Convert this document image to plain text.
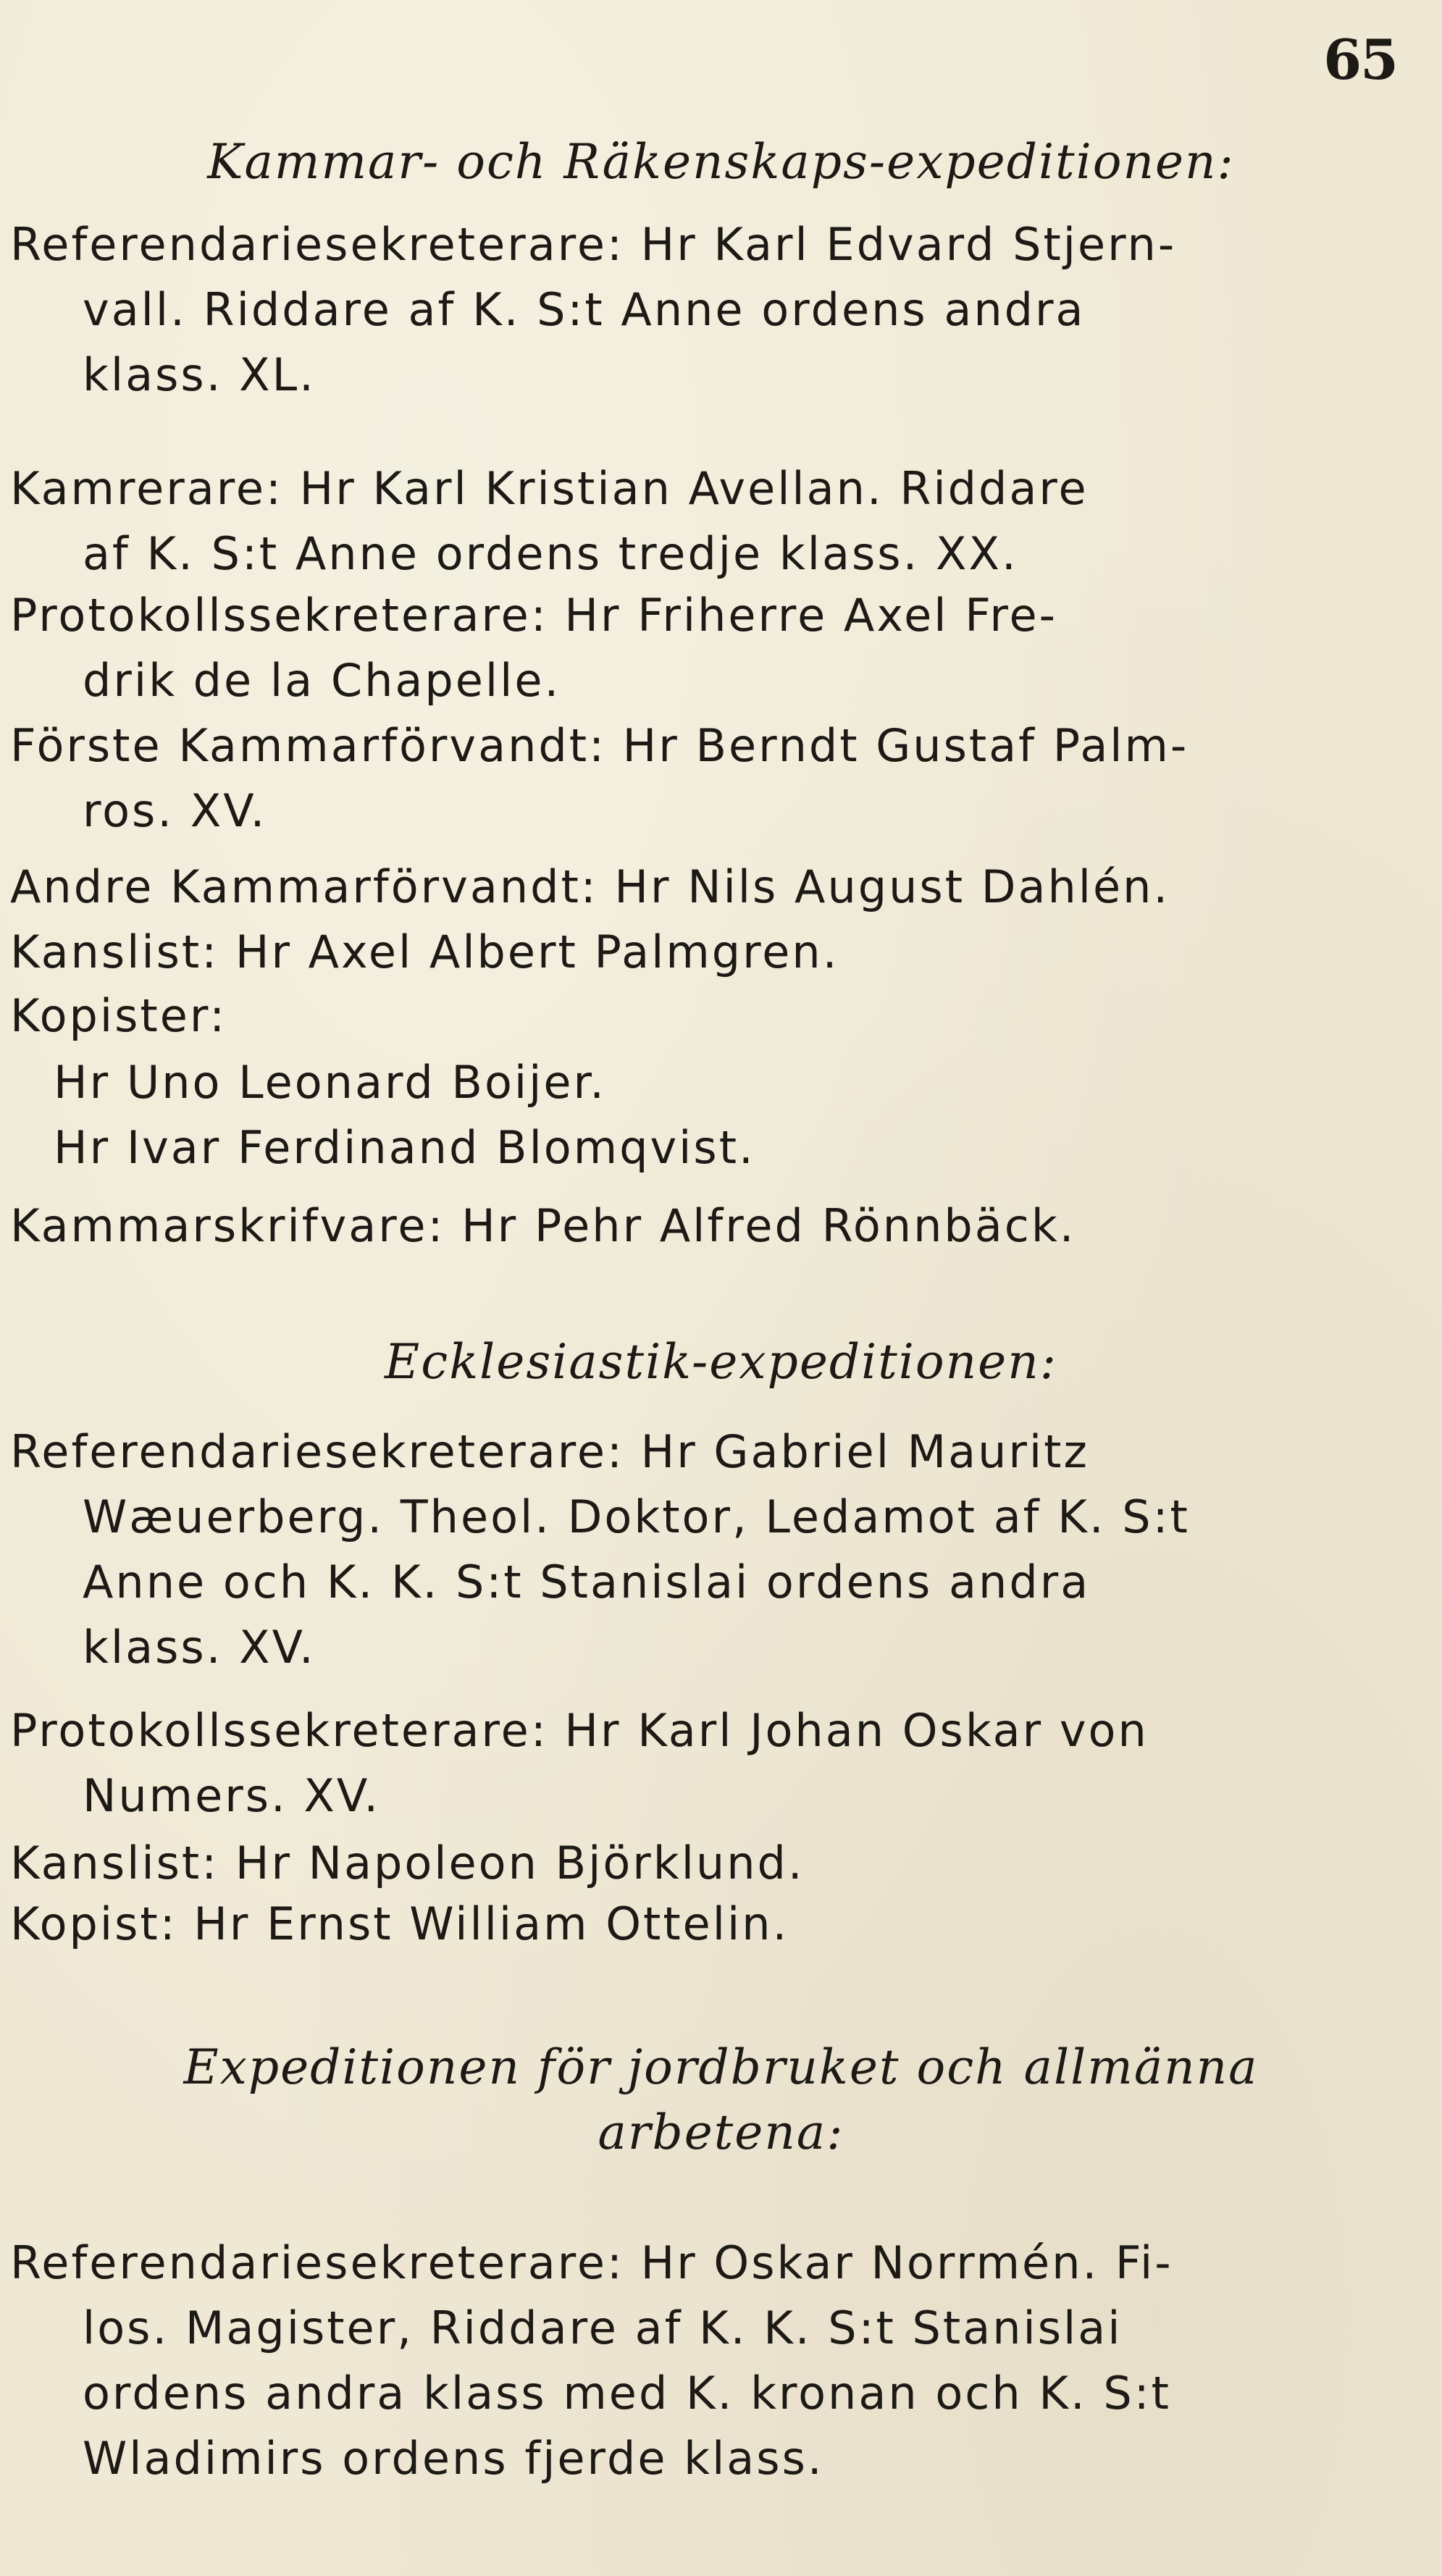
65
Kammar- och Räkenskaps-expeditionen:
Referendariesekreterare: Hr Karl Edvard Stjern-
vall. Riddare af K. S:t Anne ordens andra
klass. XL.
Kamrerare: Hr Karl Kristian Avellan. Riddare
af K. S:t Anne ordens tredje klass. XX.
Protokollssekreterare: Hr Friherre Axel Fre-
drik de la Chapelle.
Förste Kammarförvandt: Hr Berndt Gustaf Palm-
ros. XV.
Andre Kammarförvandt: Hr Nils August Dahlén.
Kanslist: Hr Axel Albert Palmgren.
Kopister:
Hr Uno Leonard Boijer.
Hr Ivar Ferdinand Blomqvist.
Kammarskrifvare: Hr Pehr Alfred Rönnbäck.
Ecklesiastik-expeditionen:
Referendariesekreterare: Hr Gabriel Mauritz
Wæuerberg. Theol. Doktor, Ledamot af K. S:t
Anne och K. K. S:t Stanislai ordens andra
klass. XV.
Protokollssekreterare: Hr Karl Johan Oskar von
Numers. XV.
Kanslist: Hr Napoleon Björklund.
Kopist: Hr Ernst William Ottelin.
Expeditionen för jordbruket och allmänna
arbetena:
Referendariesekreterare: Hr Oskar Norrmén. Fi-
los. Magister, Riddare af K. K. S:t Stanislai
ordens andra klass med K. kronan och K. S:t
Wladimirs ordens fjerde klass.
